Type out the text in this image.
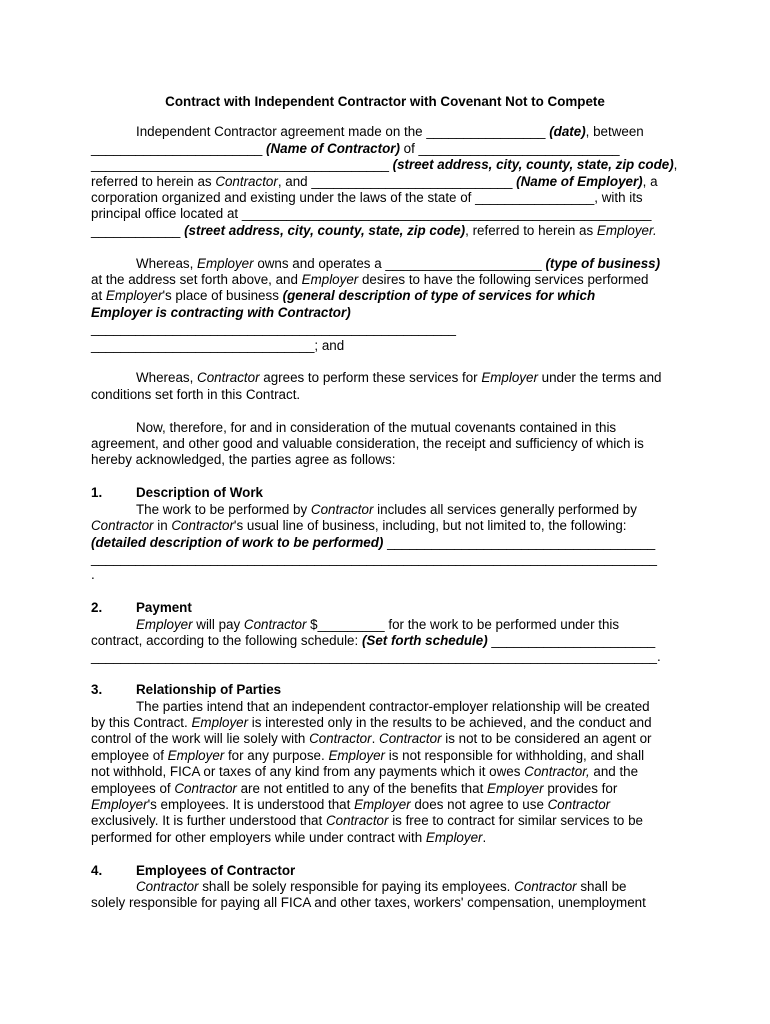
Contract with Independent Contractor with Covenant Not to Compete

Independent Contractor agreement made on the ________________ (date), between

_______________________ (Name of Contractor) of ___________________________

________________________________________ (street address, city, county, state, zip code),

referred to herein as Contractor, and ___________________________ (Name of Employer), a

corporation organized and existing under the laws of the state of ________________, with its

principal office located at _______________________________________________________

____________ (street address, city, county, state, zip code), referred to herein as Employer.

Whereas, Employer owns and operates a _____________________ (type of business)

at the address set forth above, and Employer desires to have the following services performed

at Employer's place of business (general description of type of services for which

Employer is contracting with Contractor)

_________________________________________________

______________________________; and

Whereas, Contractor agrees to perform these services for Employer under the terms and

conditions set forth in this Contract.

Now, therefore, for and in consideration of the mutual covenants contained in this

agreement, and other good and valuable consideration, the receipt and sufficiency of which is

hereby acknowledged, the parties agree as follows:

1.	Description of Work

The work to be performed by Contractor includes all services generally performed by

Contractor in Contractor's usual line of business, including, but not limited to, the following:

(detailed description of work to be performed) ____________________________________

____________________________________________________________________________

.

2.	Payment

Employer will pay Contractor $_________ for the work to be performed under this

contract, according to the following schedule: (Set forth schedule) ______________________

____________________________________________________________________________.

3.	Relationship of Parties

The parties intend that an independent contractor-employer relationship will be created

by this Contract. Employer is interested only in the results to be achieved, and the conduct and

control of the work will lie solely with Contractor. Contractor is not to be considered an agent or

employee of Employer for any purpose. Employer is not responsible for withholding, and shall

not withhold, FICA or taxes of any kind from any payments which it owes Contractor, and the

employees of Contractor are not entitled to any of the benefits that Employer provides for

Employer's employees. It is understood that Employer does not agree to use Contractor

exclusively. It is further understood that Contractor is free to contract for similar services to be

performed for other employers while under contract with Employer.

4.	Employees of Contractor

Contractor shall be solely responsible for paying its employees. Contractor shall be

solely responsible for paying all FICA and other taxes, workers' compensation, unemployment
